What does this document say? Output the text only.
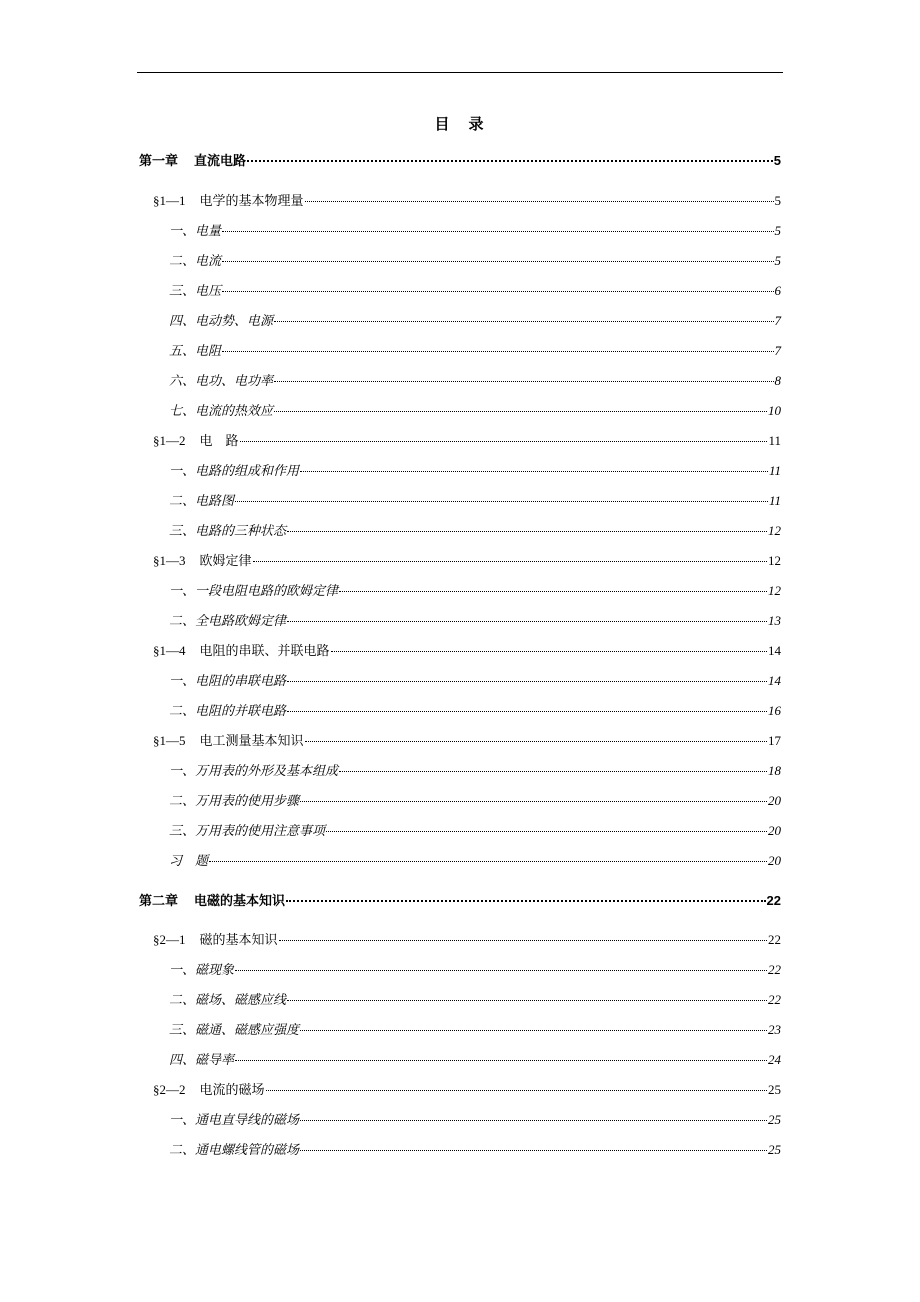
目　录
第一章 直流电路	5
§1—1 电学的基本物理量	5
一、电量	5
二、电流	5
三、电压	6
四、电动势、电源	7
五、电阻	7
六、电功、电功率	8
七、电流的热效应	10
§1—2 电　路	11
一、电路的组成和作用	11
二、电路图	11
三、电路的三种状态	12
§1—3 欧姆定律	12
一、一段电阻电路的欧姆定律	12
二、全电路欧姆定律	13
§1—4 电阻的串联、并联电路	14
一、电阻的串联电路	14
二、电阻的并联电路	16
§1—5 电工测量基本知识	17
一、万用表的外形及基本组成	18
二、万用表的使用步骤	20
三、万用表的使用注意事项	20
习　题	20
第二章 电磁的基本知识	22
§2—1 磁的基本知识	22
一、磁现象	22
二、磁场、磁感应线	22
三、磁通、磁感应强度	23
四、磁导率	24
§2—2 电流的磁场	25
一、通电直导线的磁场	25
二、通电螺线管的磁场	25
